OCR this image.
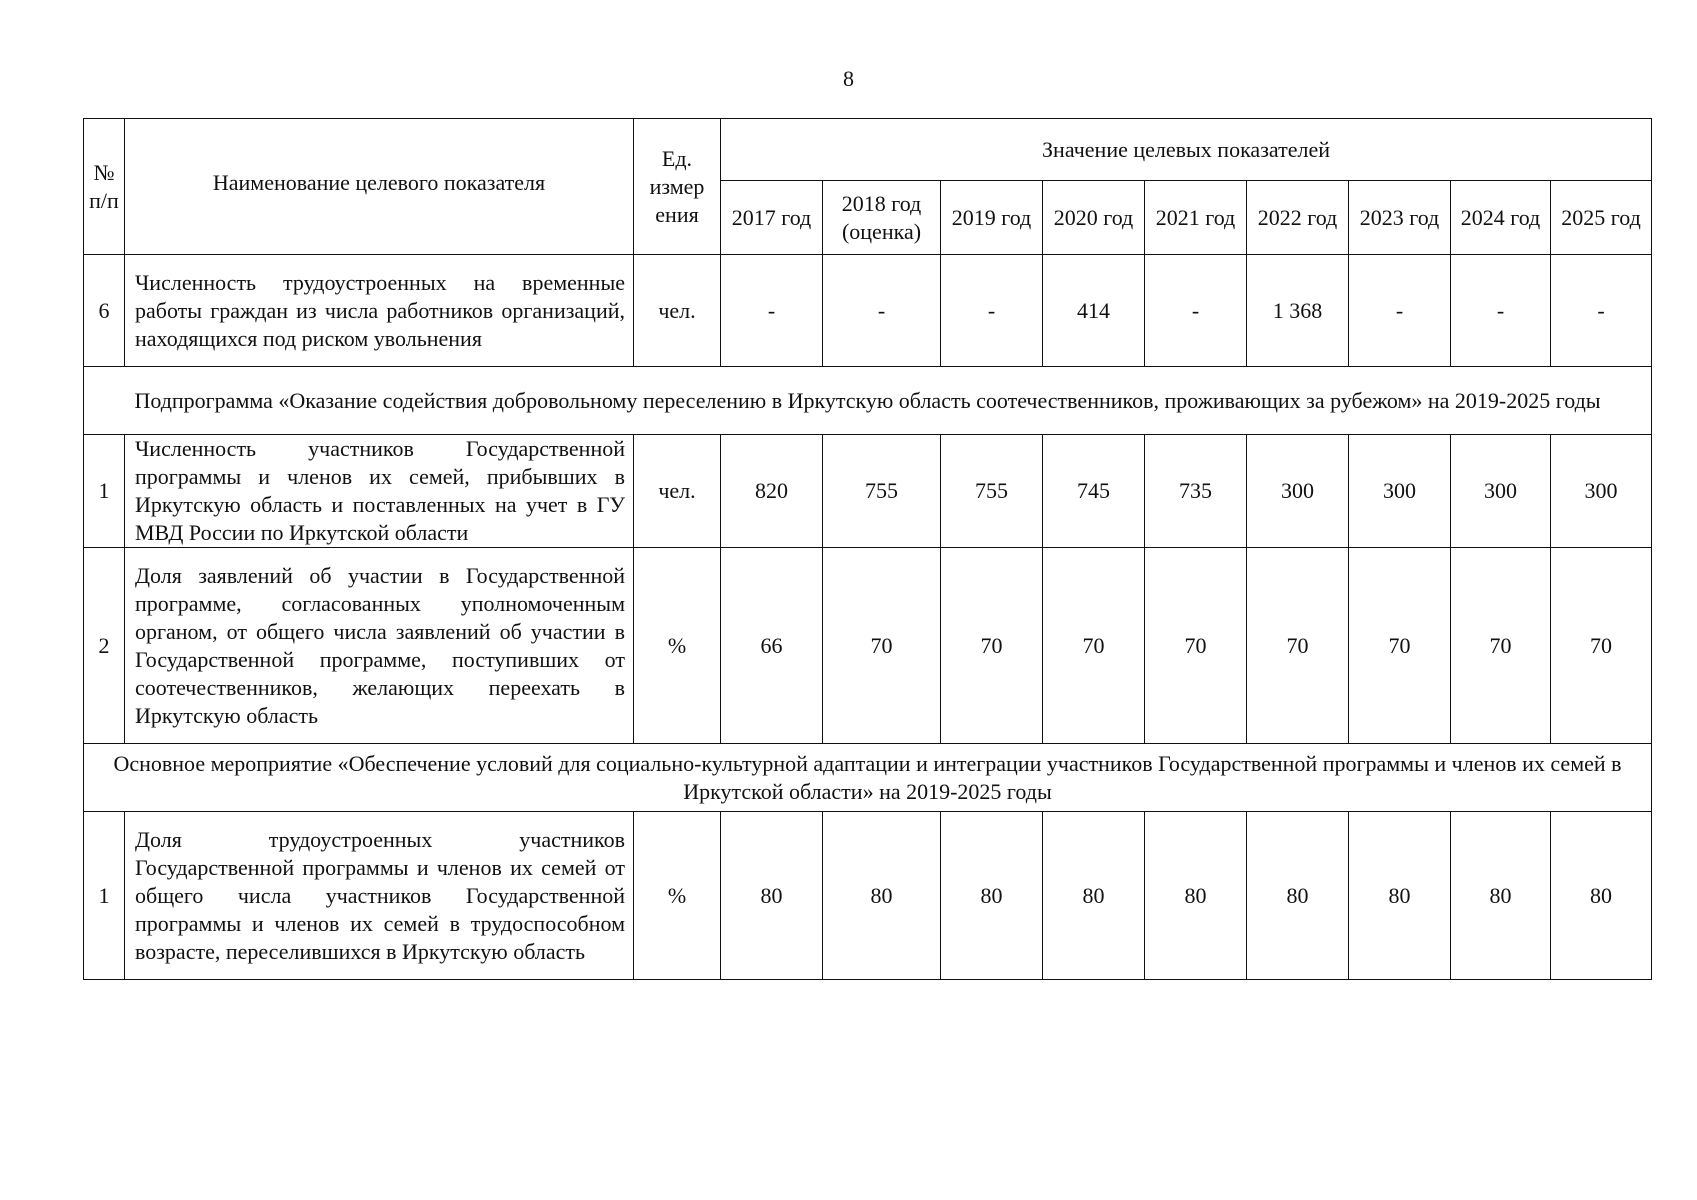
8
№ п/п	Наименование целевого показателя	Ед. измер ения	Значение целевых показателей								
			2017 год	2018 год (оценка)	2019 год	2020 год	2021 год	2022 год	2023 год	2024 год	2025 год
6	Численность трудоустроенных на временные работы граждан из числа работников организаций, находящихся под риском увольнения	чел.	-	-	-	414	-	1 368	-	-	-
Подпрограмма «Оказание содействия добровольному переселению в Иркутскую область соотечественников, проживающих за рубежом» на 2019-2025 годы											
1	Численность участников Государственной программы и членов их семей, прибывших в Иркутскую область и поставленных на учет в ГУ МВД России по Иркутской области	чел.	820	755	755	745	735	300	300	300	300
2	Доля заявлений об участии в Государственной программе, согласованных уполномоченным органом, от общего числа заявлений об участии в Государственной программе, поступивших от соотечественников, желающих переехать в Иркутскую область	%	66	70	70	70	70	70	70	70	70
Основное мероприятие «Обеспечение условий для социально-культурной адаптации и интеграции участников Государственной программы и членов их семей в Иркутской области» на 2019-2025 годы											
1	Доля трудоустроенных участников Государственной программы и членов их семей от общего числа участников Государственной программы и членов их семей в трудоспособном возрасте, переселившихся в Иркутскую область	%	80	80	80	80	80	80	80	80	80
